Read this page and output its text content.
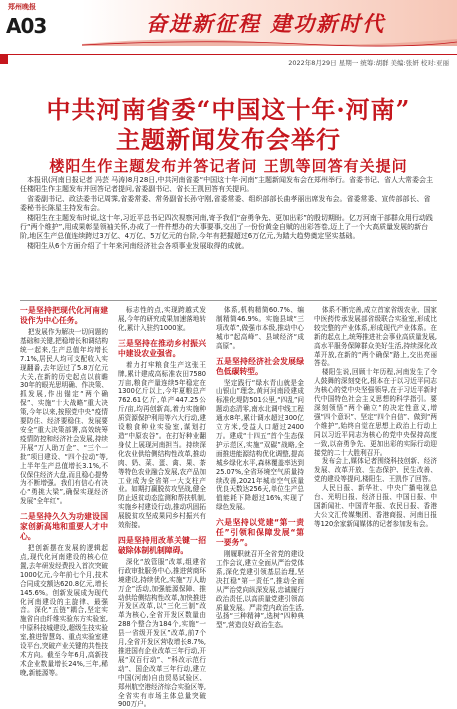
郑州晚报
A03	奋进新征程 建功新时代
2022年8月29日 星期一 统筹:胡群 美编:张妍 校对:亚丽
中共河南省委“中国这十年·河南”
主题新闻发布会举行
楼阳生作主题发布并答记者问 王凯等回答有关提问

本报讯(河南日报记者 冯芸 马涛)8月28日,中共河南省委“中国这十年·河南”主题新闻发布会在郑州举行。省委书记、省人大常委会主任楼阳生作主题发布并回答记者提问,省委副书记、省长王凯回答有关提问。

省委副书记、政法委书记周霁,省委常委、常务副省长孙守刚,省委常委、组织部部长曲孝丽出席发布会。省委常委、宣传部部长、省委秘书长陈星主持发布会。

楼阳生在主题发布时说,这十年,习近平总书记四次视察河南,寄予我们“奋勇争先、更加出彩”的殷切期盼。亿万河南干部群众用行动践行“两个维护”,用成果彰显领袖关怀,办成了一件件想办的大事要事,交出了一份份黄金自赋的出彩答卷,迈上了一个大高质量发展的新台阶,地区生产总值连续跨过3万亿、4万亿、5万亿元的台阶,今年有把握超过6万亿元,为踏大趋势奠定坚实基础。

楼阳生从6个方面介绍了十年来河南经济社会各项事业发展取得的成就。

一是坚持把现代化河南建设作为中心任务。

把发展作为解决一切问题的基础和关键,把稳增长和调结构统一起来,生产总值年均增长7.1%,居民人均可支配收入实现翻番,去年迈过了5.8万亿元大关,在新的历史起点以前瞻30年的眼光思明确、作决策、抓发展,作出锚定“两个确保”、实施“十大战略”重大决策,今年以来,按照党中央“疫情要防住、经济要稳住、发展要安全”重大决策部署,高效统筹疫情防控和经济社会发展,持续开展“万人助万企”、“三个一批”项目建设、“四个拉动”等,上半年生产总值增长3.1%,不仅保住经济大盘,而且稳心提势为不断增强。我们有信心有决心“勇挑大梁”,确保实现经济发展“全年红”。

二是坚持久久为功建设国家创新高地和重要人才中心。

把创新摆在发展的逻辑起点,现代化河南建设的核心位置,去年研发经费投入首次突破1000亿元,今年前七个月,技术合同成交额达620.8亿元,增长145.6%。创新发展成为现代化河南建设的主旋律、最强音。深化“五链”耦合,坚定实施省自由纤维实验东方实验室,中原科技城建设,超级生技实验室,推进智慧岛、重点实验室建设平台,突破产业关键的共性技术方向。截至今年6月,高新技术企业数量增长24%,三年,稀晚,新能源等。

标志性的点,实现跨越式发展,今年的研究成果加速落地转化,累计入驻约1000家。

三是坚持在推动乡村振兴中建设农业强省。

着力打牢粮食生产这张王牌,累计建成高标准农田7580万亩,粮食产量连续5年稳定在1300亿斤以上,今年夏粮总产762.61亿斤,单产447.25公斤/亩,均再创新高,着力实施种质资源保护利用等六大行动,建设粮食种业实验室,谋划打造“中原农谷”。在打好种业翻身仗上展现河南担当。持续深化农业供给侧结构性改革,推动肉、奶、菜、蛋、禽、果、茶等特色农业融合发展,农产品加工业成为全省第一大支柱产业。如期打赢脱贫攻坚战,健全防止返贫动态监测和帮扶机制,实施乡村建设行动,推动巩固拓展脱贫攻坚成果同乡村振兴有效衔接。

四是坚持用改革关键一招破除体制机制障碍。

深化“放管服”改革,组建省行政审批服务中心,推进营商环境建设,持续优化,实施“万人助万企”活动,加强能源保障、推动供给侧结构性改革,加快推进开发区改革,以“三化三制”改革为核心,全省开发区数量由288个整合为184个,实施“一县一省级开发区”改革,前7个月,全省开发区营收增长8.7%,推进国有企业改革三年行动,开展“双百行动”、“科改示范行动”、国企改革三年行动,建立中国(河南)自由贸易试验区、郑州航空港经济综合实验区等,全省实有市场主体总量突破900万户。

体系,机构精简60.7%、编制精简46.9%。实施县域“三项改革”,做强市本级,推动中心城市“起高峰”、县域经济“成高原”。

五是坚持经济社会发展绿色低碳转型。

坚定践行“绿水青山就是金山银山”理念,黄河河南段建成标准化堤防501公里,“四乱”问题动态清零,南水北调中线工程通水8年,累计调水超过300亿立方米,受益人口超过2400万。建成“十四五”首个生态保护示范区,实施“双碳”战略,全面推进能源结构优化调整,提高城乡绿化水平,森林覆盖率达到25.07%,全省环境空气质量持续改善,2021年城市空气质量优良天数达256天,单位生产总值能耗下降超过16%,实现了绿色发展。

六是坚持以党建“第一责任”引领和保障发展“第一要务”。

刚履职就召开全省党的建设工作会议,建立全面从严治党体系,深化党建引领基层治理,坚决扛稳“第一责任”,推动全面从严治党向纵深发展,忠诚履行政治责任,以高质量党建引领高质量发展。严肃党内政治生活,弘扬“三种精神”,选树“四种典型”,营造良好政治生态。

体系不断完善,成立首家省级农业、国家中医药传承发展部省级联合实验室,形成比较完整的产业体系,形成现代产业体系。在新的起点上,统筹推进社会事业高质量发展,高水平服务保障群众美好生活,持续深化改革开放,在新的“两个确保”路上,交出亮丽答卷。

楼阳生说,回顾十年历程,河南发生了令人鼓舞的深刻变化,根本在于以习近平同志为核心的党中央坚强领导,在于习近平新时代中国特色社会主义思想的科学指引。要深刻领悟“两个确立”的决定性意义,增强“四个意识”、坚定“四个自信”、做到“两个维护”,始终自觉在思想上政治上行动上同以习近平同志为核心的党中央保持高度一致,以奋勇争先、更加出彩的实际行动迎接党的二十大胜利召开。

发布会上,媒体记者围绕科技创新、经济发展、改革开放、生态保护、民生改善、党的建设等提问,楼阳生、王凯作了回答。

人民日报、新华社、中央广播电视总台、光明日报、经济日报、中国日报、中国新闻社、中国青年报、农民日报、香港大公文汇传媒集团、香港商报、河南日报等120余家新闻媒体的记者参加发布会。
